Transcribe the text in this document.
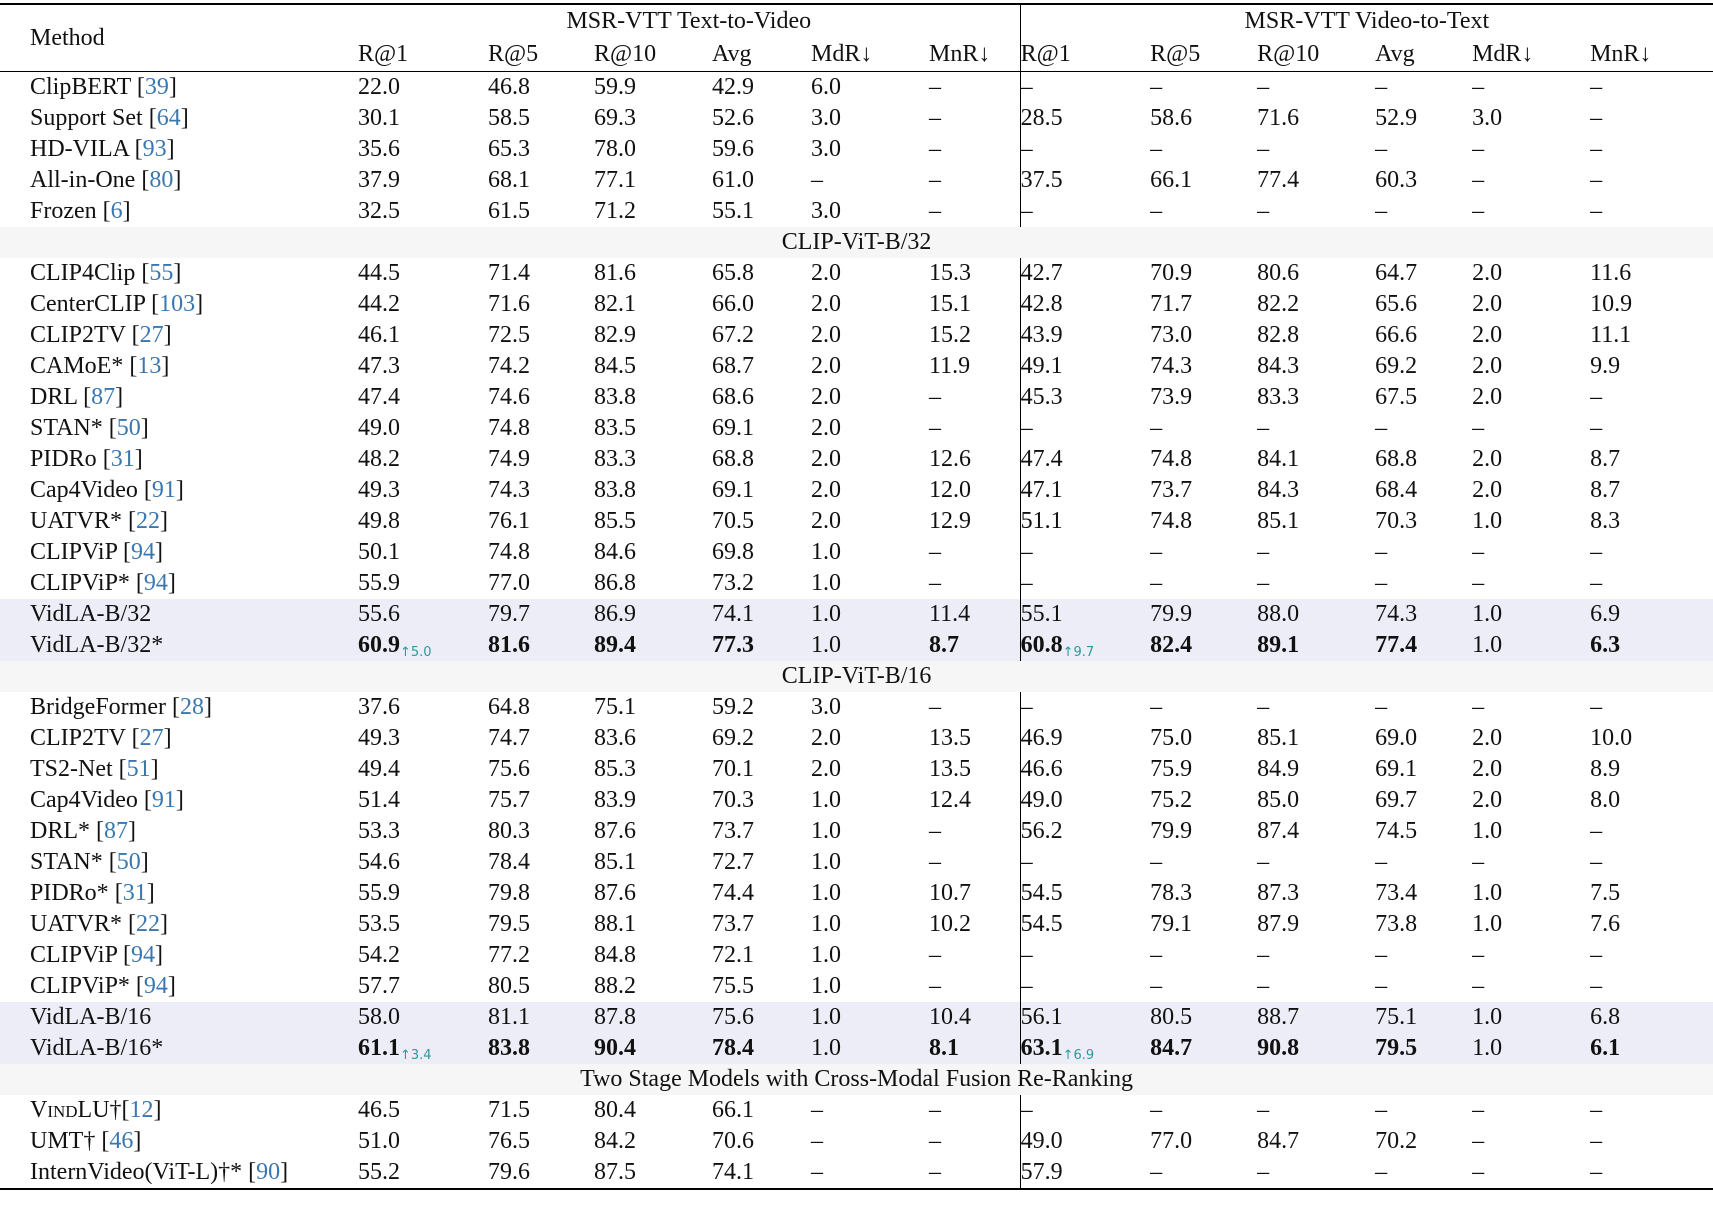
Method	MSR-VTT Text-to-Video						MSR-VTT Video-to-Text					
	R@1	R@5	R@10	Avg	MdR↓	MnR↓	R@1	R@5	R@10	Avg	MdR↓	MnR↓
ClipBERT [39]	22.0	46.8	59.9	42.9	6.0	–	–	–	–	–	–	–
Support Set [64]	30.1	58.5	69.3	52.6	3.0	–	28.5	58.6	71.6	52.9	3.0	–
HD-VILA [93]	35.6	65.3	78.0	59.6	3.0	–	–	–	–	–	–	–
All-in-One [80]	37.9	68.1	77.1	61.0	–	–	37.5	66.1	77.4	60.3	–	–
Frozen [6]	32.5	61.5	71.2	55.1	3.0	–	–	–	–	–	–	–
CLIP-ViT-B/32												
CLIP4Clip [55]	44.5	71.4	81.6	65.8	2.0	15.3	42.7	70.9	80.6	64.7	2.0	11.6
CenterCLIP [103]	44.2	71.6	82.1	66.0	2.0	15.1	42.8	71.7	82.2	65.6	2.0	10.9
CLIP2TV [27]	46.1	72.5	82.9	67.2	2.0	15.2	43.9	73.0	82.8	66.6	2.0	11.1
CAMoE* [13]	47.3	74.2	84.5	68.7	2.0	11.9	49.1	74.3	84.3	69.2	2.0	9.9
DRL [87]	47.4	74.6	83.8	68.6	2.0	–	45.3	73.9	83.3	67.5	2.0	–
STAN* [50]	49.0	74.8	83.5	69.1	2.0	–	–	–	–	–	–	–
PIDRo [31]	48.2	74.9	83.3	68.8	2.0	12.6	47.4	74.8	84.1	68.8	2.0	8.7
Cap4Video [91]	49.3	74.3	83.8	69.1	2.0	12.0	47.1	73.7	84.3	68.4	2.0	8.7
UATVR* [22]	49.8	76.1	85.5	70.5	2.0	12.9	51.1	74.8	85.1	70.3	1.0	8.3
CLIPViP [94]	50.1	74.8	84.6	69.8	1.0	–	–	–	–	–	–	–
CLIPViP* [94]	55.9	77.0	86.8	73.2	1.0	–	–	–	–	–	–	–
VidLA-B/32	55.6	79.7	86.9	74.1	1.0	11.4	55.1	79.9	88.0	74.3	1.0	6.9
VidLA-B/32*	60.9↑5.0	81.6	89.4	77.3	1.0	8.7	60.8↑9.7	82.4	89.1	77.4	1.0	6.3
CLIP-ViT-B/16												
BridgeFormer [28]	37.6	64.8	75.1	59.2	3.0	–	–	–	–	–	–	–
CLIP2TV [27]	49.3	74.7	83.6	69.2	2.0	13.5	46.9	75.0	85.1	69.0	2.0	10.0
TS2-Net [51]	49.4	75.6	85.3	70.1	2.0	13.5	46.6	75.9	84.9	69.1	2.0	8.9
Cap4Video [91]	51.4	75.7	83.9	70.3	1.0	12.4	49.0	75.2	85.0	69.7	2.0	8.0
DRL* [87]	53.3	80.3	87.6	73.7	1.0	–	56.2	79.9	87.4	74.5	1.0	–
STAN* [50]	54.6	78.4	85.1	72.7	1.0	–	–	–	–	–	–	–
PIDRo* [31]	55.9	79.8	87.6	74.4	1.0	10.7	54.5	78.3	87.3	73.4	1.0	7.5
UATVR* [22]	53.5	79.5	88.1	73.7	1.0	10.2	54.5	79.1	87.9	73.8	1.0	7.6
CLIPViP [94]	54.2	77.2	84.8	72.1	1.0	–	–	–	–	–	–	–
CLIPViP* [94]	57.7	80.5	88.2	75.5	1.0	–	–	–	–	–	–	–
VidLA-B/16	58.0	81.1	87.8	75.6	1.0	10.4	56.1	80.5	88.7	75.1	1.0	6.8
VidLA-B/16*	61.1↑3.4	83.8	90.4	78.4	1.0	8.1	63.1↑6.9	84.7	90.8	79.5	1.0	6.1
Two Stage Models with Cross-Modal Fusion Re-Ranking												
VindLU†[12]	46.5	71.5	80.4	66.1	–	–	–	–	–	–	–	–
UMT† [46]	51.0	76.5	84.2	70.6	–	–	49.0	77.0	84.7	70.2	–	–
InternVideo(ViT-L)†* [90]	55.2	79.6	87.5	74.1	–	–	57.9	–	–	–	–	–
